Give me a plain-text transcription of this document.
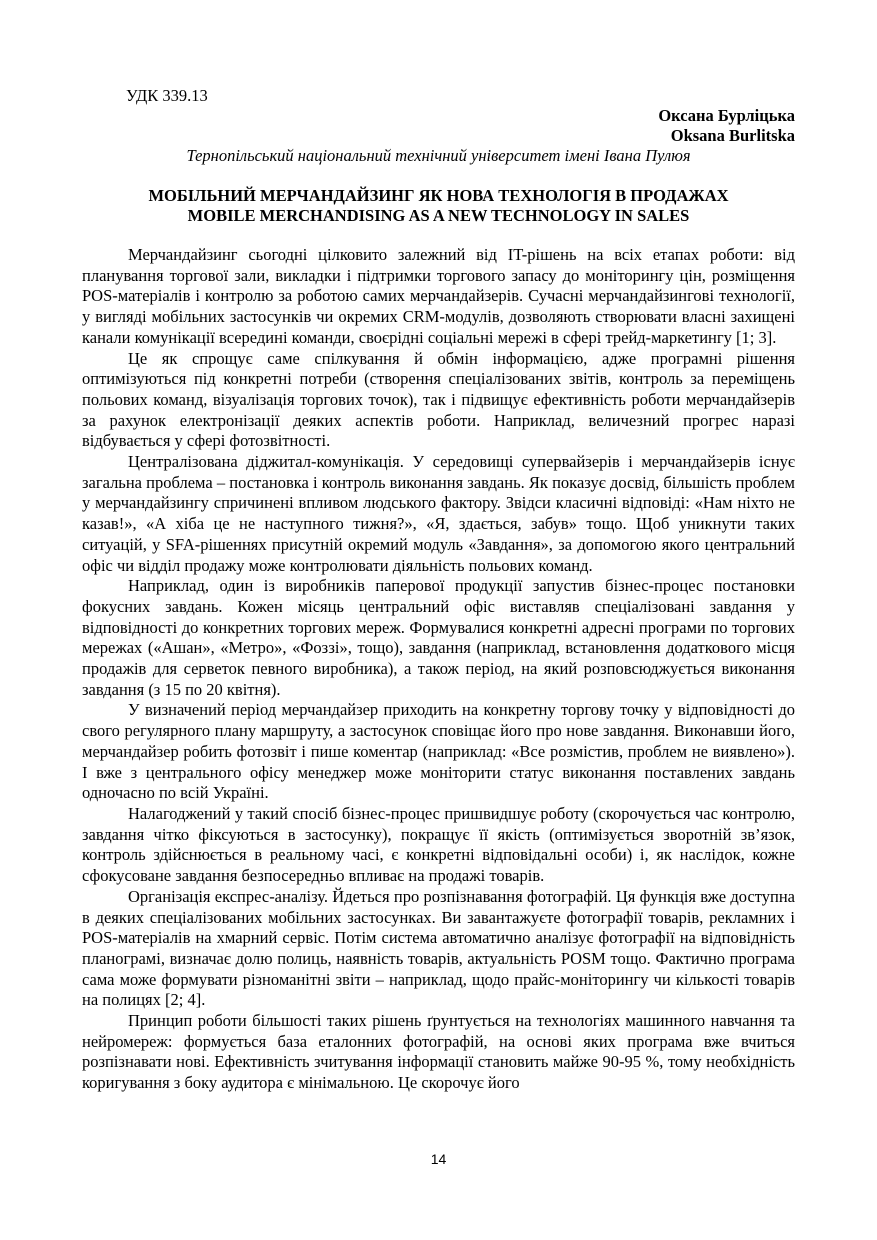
УДК 339.13
Оксана Бурліцька
Oksana Burlitska
Тернопільський національний технічний університет імені Івана Пулюя
МОБІЛЬНИЙ МЕРЧАНДАЙЗИНГ ЯК НОВА ТЕХНОЛОГІЯ В ПРОДАЖАХ
MOBILE MERCHANDISING AS A NEW TECHNOLOGY IN SALES

Мерчандайзинг сьогодні цілковито залежний від IT-рішень на всіх етапах роботи: від планування торгової зали, викладки і підтримки торгового запасу до моніторингу цін, розміщення POS-матеріалів і контролю за роботою самих мерчандайзерів. Сучасні мерчандайзингові технології, у вигляді мобільних застосунків чи окремих CRM-модулів, дозволяють створювати власні захищені канали комунікації всередині команди, своєрідні соціальні мережі в сфері трейд-маркетингу [1; 3].

Це як спрощує саме спілкування й обмін інформацією, адже програмні рішення оптимізуються під конкретні потреби (створення спеціалізованих звітів, контроль за переміщень польових команд, візуалізація торгових точок), так і підвищує ефективність роботи мерчандайзерів за рахунок електронізації деяких аспектів роботи. Наприклад, величезний прогрес наразі відбувається у сфері фотозвітності.

Централізована діджитал-комунікація. У середовищі супервайзерів і мерчандайзерів існує загальна проблема – постановка і контроль виконання завдань. Як показує досвід, більшість проблем у мерчандайзингу спричинені впливом людського фактору. Звідси класичні відповіді: «Нам ніхто не казав!», «А хіба це не наступного тижня?», «Я, здається, забув» тощо. Щоб уникнути таких ситуацій, у SFA-рішеннях присутній окремий модуль «Завдання», за допомогою якого центральний офіс чи відділ продажу може контролювати діяльність польових команд.

Наприклад, один із виробників паперової продукції запустив бізнес-процес постановки фокусних завдань. Кожен місяць центральний офіс виставляв спеціалізовані завдання у відповідності до конкретних торгових мереж. Формувалися конкретні адресні програми по торгових мережах («Ашан», «Метро», «Фоззі», тощо), завдання (наприклад, встановлення додаткового місця продажів для серветок певного виробника), а також період, на який розповсюджується виконання завдання (з 15 по 20 квітня).

У визначений період мерчандайзер приходить на конкретну торгову точку у відповідності до свого регулярного плану маршруту, а застосунок сповіщає його про нове завдання. Виконавши його, мерчандайзер робить фотозвіт і пише коментар (наприклад: «Все розмістив, проблем не виявлено»). І вже з центрального офісу менеджер може моніторити статус виконання поставлених завдань одночасно по всій Україні.

Налагоджений у такий спосіб бізнес-процес пришвидшує роботу (скорочується час контролю, завдання чітко фіксуються в застосунку), покращує її якість (оптимізується зворотній зв’язок, контроль здійснюється в реальному часі, є конкретні відповідальні особи) і, як наслідок, кожне сфокусоване завдання безпосередньо впливає на продажі товарів.

Організація експрес-аналізу. Йдеться про розпізнавання фотографій. Ця функція вже доступна в деяких спеціалізованих мобільних застосунках. Ви завантажуєте фотографії товарів, рекламних і POS-матеріалів на хмарний сервіс. Потім система автоматично аналізує фотографії на відповідність планограмі, визначає долю полиць, наявність товарів, актуальність POSM тощо. Фактично програма сама може формувати різноманітні звіти – наприклад, щодо прайс-моніторингу чи кількості товарів на полицях [2; 4].

Принцип роботи більшості таких рішень ґрунтується на технологіях машинного навчання та нейромереж: формується база еталонних фотографій, на основі яких програма вже вчиться розпізнавати нові. Ефективність зчитування інформації становить майже 90-95 %, тому необхідність коригування з боку аудитора є мінімальною. Це скорочує його

14
